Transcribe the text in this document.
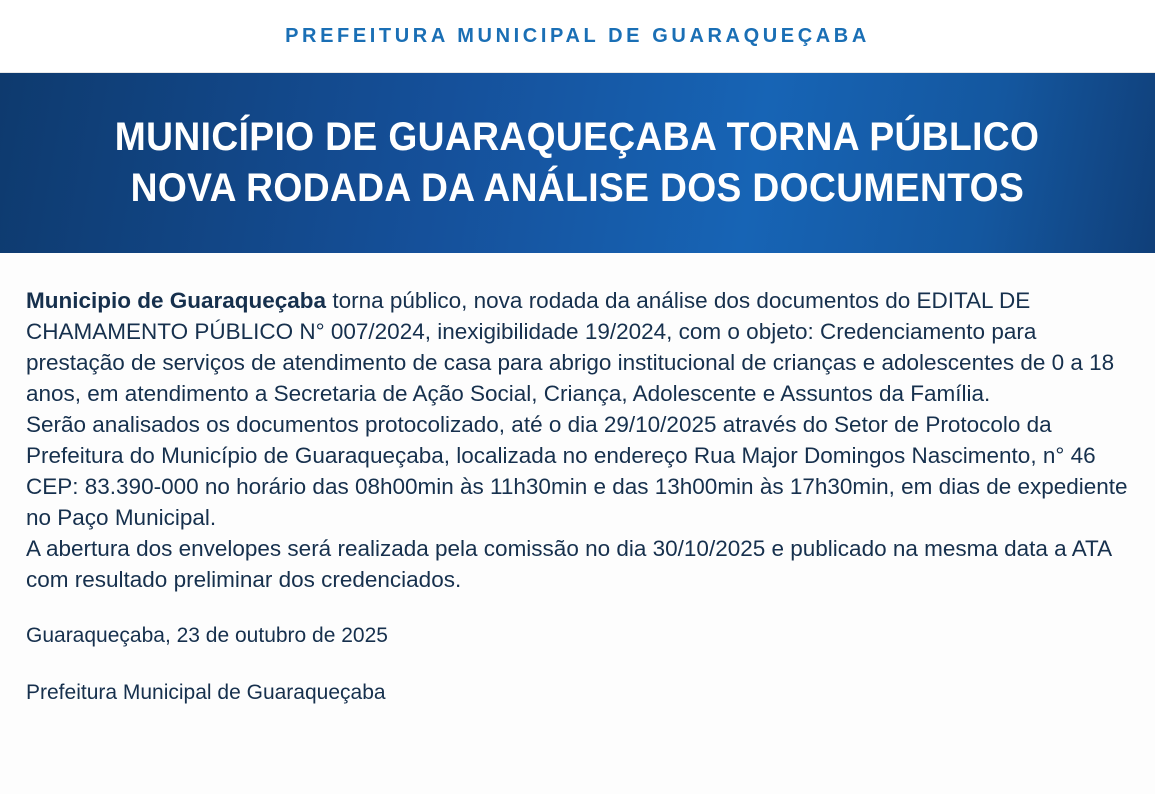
PREFEITURA MUNICIPAL DE GUARAQUEÇABA
MUNICÍPIO DE GUARAQUEÇABA TORNA PÚBLICO
NOVA RODADA DA ANÁLISE DOS DOCUMENTOS

Municipio de Guaraqueçaba torna público, nova rodada da análise dos documentos do EDITAL DE CHAMAMENTO PÚBLICO N° 007/2024, inexigibilidade 19/2024, com o objeto: Credenciamento para prestação de serviços de atendimento de casa para abrigo institucional de crianças e adolescentes de 0 a 18 anos, em atendimento a Secretaria de Ação Social, Criança, Adolescente e Assuntos da Família.

Serão analisados os documentos protocolizado, até o dia 29/10/2025 através do Setor de Protocolo da Prefeitura do Município de Guaraqueçaba, localizada no endereço Rua Major Domingos Nascimento, n° 46 CEP: 83.390-000 no horário das 08h00min às 11h30min e das 13h00min às 17h30min, em dias de expediente no Paço Municipal.

A abertura dos envelopes será realizada pela comissão no dia 30/10/2025 e publicado na mesma data a ATA com resultado preliminar dos credenciados.

Guaraqueçaba, 23 de outubro de 2025

Prefeitura Municipal de Guaraqueçaba
